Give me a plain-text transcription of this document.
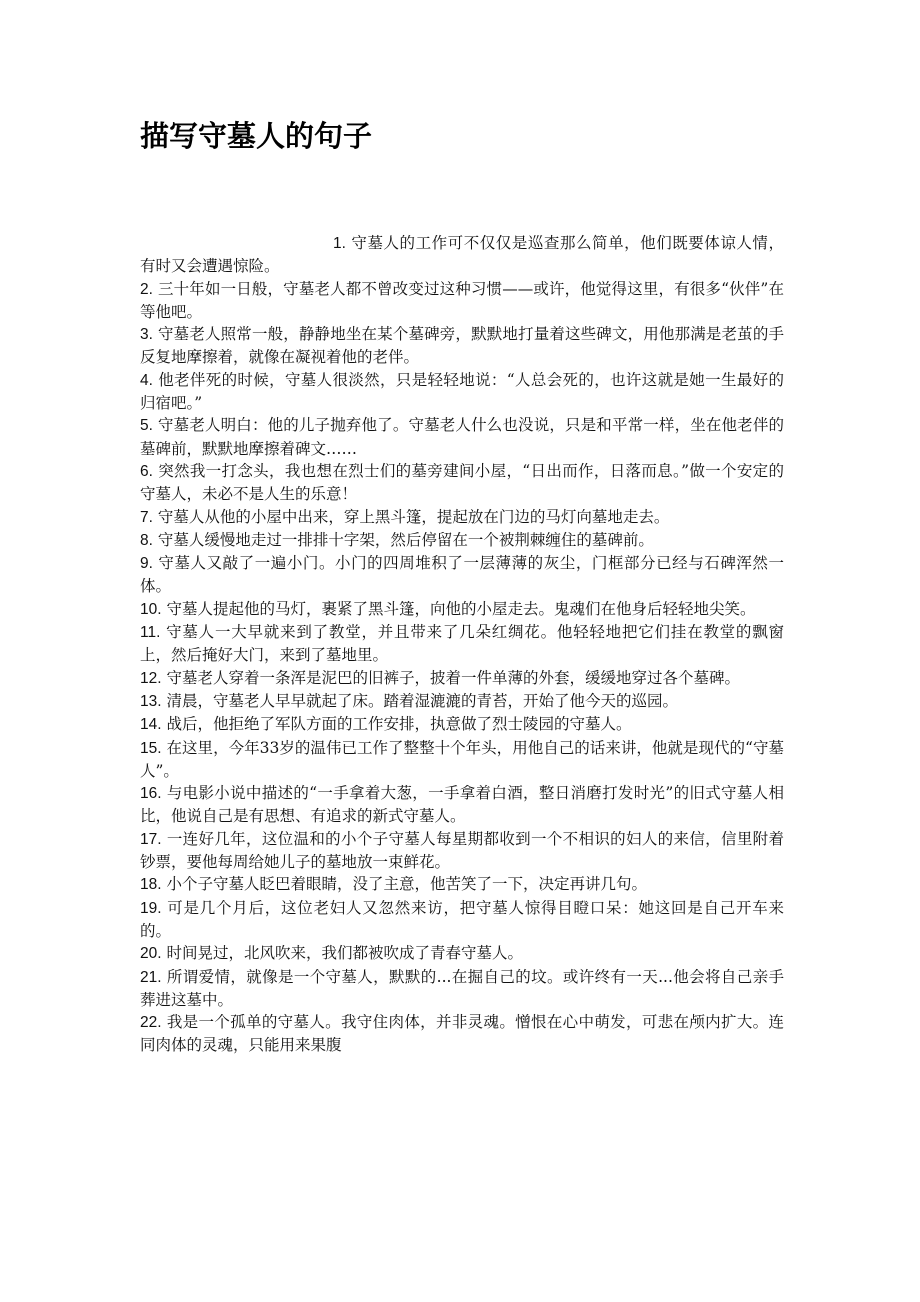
描写守墓人的句子
1. 守墓人的工作可不仅仅是巡查那么简单，他们既要体谅人情，有时又会遭遇惊险。
2. 三十年如一日般，守墓老人都不曾改变过这种习惯——或许，他觉得这里，有很多“伙伴”在等他吧。
3. 守墓老人照常一般，静静地坐在某个墓碑旁，默默地打量着这些碑文，用他那满是老茧的手反复地摩擦着，就像在凝视着他的老伴。
4. 他老伴死的时候，守墓人很淡然，只是轻轻地说：“人总会死的，也许这就是她一生最好的归宿吧。”
5. 守墓老人明白：他的儿子抛弃他了。守墓老人什么也没说，只是和平常一样，坐在他老伴的墓碑前，默默地摩擦着碑文……
6. 突然我一打念头，我也想在烈士们的墓旁建间小屋，“日出而作，日落而息。”做一个安定的守墓人，未必不是人生的乐意！
7. 守墓人从他的小屋中出来，穿上黑斗篷，提起放在门边的马灯向墓地走去。
8. 守墓人缓慢地走过一排排十字架，然后停留在一个被荆棘缠住的墓碑前。
9. 守墓人又敲了一遍小门。小门的四周堆积了一层薄薄的灰尘，门框部分已经与石碑浑然一体。
10. 守墓人提起他的马灯，裹紧了黑斗篷，向他的小屋走去。鬼魂们在他身后轻轻地尖笑。
11. 守墓人一大早就来到了教堂，并且带来了几朵红绸花。他轻轻地把它们挂在教堂的飘窗上，然后掩好大门，来到了墓地里。
12. 守墓老人穿着一条浑是泥巴的旧裤子，披着一件单薄的外套，缓缓地穿过各个墓碑。
13. 清晨，守墓老人早早就起了床。踏着湿漉漉的青苔，开始了他今天的巡园。
14. 战后，他拒绝了军队方面的工作安排，执意做了烈士陵园的守墓人。
15. 在这里，今年33岁的温伟已工作了整整十个年头，用他自己的话来讲，他就是现代的“守墓人”。
16. 与电影小说中描述的“一手拿着大葱，一手拿着白酒，整日消磨打发时光”的旧式守墓人相比，他说自己是有思想、有追求的新式守墓人。
17. 一连好几年，这位温和的小个子守墓人每星期都收到一个不相识的妇人的来信，信里附着钞票，要他每周给她儿子的墓地放一束鲜花。
18. 小个子守墓人眨巴着眼睛，没了主意，他苦笑了一下，决定再讲几句。
19. 可是几个月后，这位老妇人又忽然来访，把守墓人惊得目瞪口呆：她这回是自己开车来的。
20. 时间晃过，北风吹来，我们都被吹成了青春守墓人。
21. 所谓爱情，就像是一个守墓人，默默的...在掘自己的坟。或许终有一天...他会将自己亲手葬进这墓中。
22. 我是一个孤单的守墓人。我守住肉体，并非灵魂。憎恨在心中萌发，可悲在颅内扩大。连同肉体的灵魂，只能用来果腹
